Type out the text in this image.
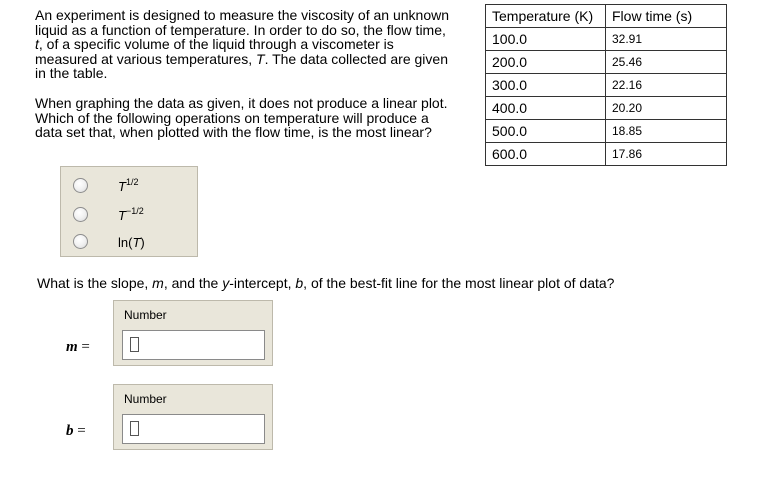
An experiment is designed to measure the viscosity of an unknown liquid as a function of temperature. In order to do so, the flow time, t, of a specific volume of the liquid through a viscometer is measured at various temperatures, T. The data collected are given in the table.
When graphing the data as given, it does not produce a linear plot. Which of the following operations on temperature will produce a data set that, when plotted with the flow time, is the most linear?
Temperature (K)	Flow time (s)
100.0	32.91
200.0	25.46
300.0	22.16
400.0	20.20
500.0	18.85
600.0	17.86
$T^{1/2}$
$T^{-1/2}$
ln(T)
What is the slope, m, and the y-intercept, b, of the best-fit line for the most linear plot of data?
m =
Number
b =
Number
